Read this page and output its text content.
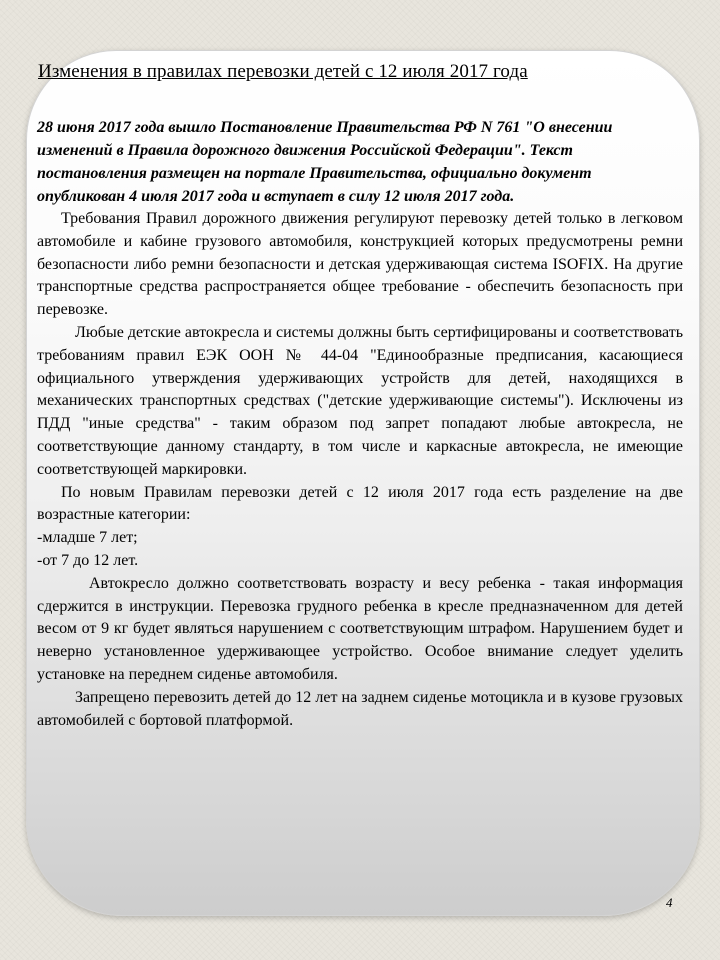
Изменения в правилах перевозки детей с 12 июля 2017 года

28 июня 2017 года вышло Постановление Правительства РФ N 761 "О внесении изменений в Правила дорожного движения Российской Федерации". Текст постановления размещен на портале Правительства, официально документ опубликован 4 июля 2017 года и вступает в силу 12 июля 2017 года.

Требования Правил дорожного движения регулируют перевозку детей только в легковом автомобиле и кабине грузового автомобиля, конструкцией которых предусмотрены ремни безопасности либо ремни безопасности и детская удерживающая система ISOFIX. На другие транспортные средства распространяется общее требование - обеспечить безопасность при перевозке.

Любые детские автокресла и системы должны быть сертифицированы и соответствовать требованиям правил ЕЭК ООН № 44-04 "Единообразные предписания, касающиеся официального утверждения удерживающих устройств для детей, находящихся в механических транспортных средствах ("детские удерживающие системы"). Исключены из ПДД "иные средства" - таким образом под запрет попадают любые автокресла, не соответствующие данному стандарту, в том числе и каркасные автокресла, не имеющие соответствующей маркировки.

По новым Правилам перевозки детей с 12 июля 2017 года есть разделение на две возрастные категории:

-младше 7 лет;

-от 7 до 12 лет.

Автокресло должно соответствовать возрасту и весу ребенка - такая информация сдержится в инструкции. Перевозка грудного ребенка в кресле предназначенном для детей весом от 9 кг будет являться нарушением с соответствующим штрафом. Нарушением будет и неверно установленное удерживающее устройство. Особое внимание следует уделить установке на переднем сиденье автомобиля.

Запрещено перевозить детей до 12 лет на заднем сиденье мотоцикла и в кузове грузовых автомобилей с бортовой платформой.

4
